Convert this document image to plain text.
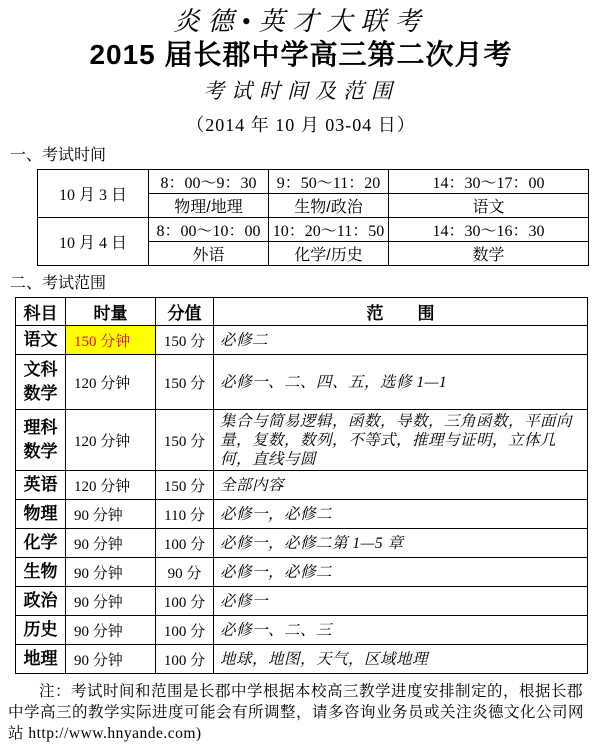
炎德•英才大联考
2015 届长郡中学高三第二次月考
考试时间及范围
（2014 年 10 月 03-04 日）
一、考试时间
10 月 3 日	8：00～9：30	9：50～11：20	14：30～17：00
	物理/地理	生物/政治	语文
10 月 4 日	8：00～10：00	10：20～11：50	14：30～16：30
	外语	化学/历史	数学
二、考试范围
科目	时量	分值	范　　围
语文	150 分钟	150 分	必修二
文科数学	120 分钟	150 分	必修一、二、四、五，选修 1—1
理科数学	120 分钟	150 分	集合与简易逻辑，函数，导数，三角函数，平面向量，复数，数列，不等式，推理与证明，立体几何，直线与圆
英语	120 分钟	150 分	全部内容
物理	90 分钟	110 分	必修一，必修二
化学	90 分钟	100 分	必修一，必修二第 1—5 章
生物	90 分钟	90 分	必修一，必修二
政治	90 分钟	100 分	必修一
历史	90 分钟	100 分	必修一、二、三
地理	90 分钟	100 分	地球，地图，天气，区域地理
注：考试时间和范围是长郡中学根据本校高三教学进度安排制定的，根据长郡中学高三的教学实际进度可能会有所调整，请多咨询业务员或关注炎德文化公司网站 http://www.hnyande.com)
